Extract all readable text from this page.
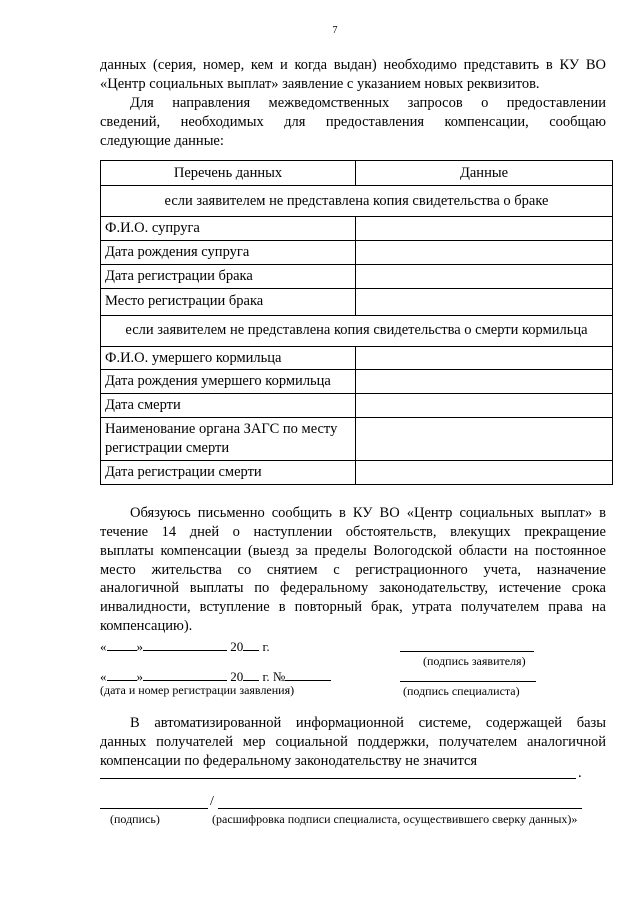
7
данных (серия, номер, кем и когда выдан) необходимо представить в КУ ВО
«Центр социальных выплат» заявление с указанием новых реквизитов.
Для направления межведомственных запросов о предоставлении
сведений, необходимых для предоставления компенсации, сообщаю
следующие данные:
Перечень данных	Данные
если заявителем не представлена копия свидетельства о браке	
Ф.И.О. супруга	
Дата рождения супруга	
Дата регистрации брака	
Место регистрации брака	
если заявителем не представлена копия свидетельства о смерти кормильца	
Ф.И.О. умершего кормильца	
Дата рождения умершего кормильца	
Дата смерти	
Наименование органа ЗАГС по месту регистрации смерти	
Дата регистрации смерти	
Обязуюсь письменно сообщить в КУ ВО «Центр социальных выплат» в
течение 14 дней о наступлении обстоятельств, влекущих прекращение
выплаты компенсации (выезд за пределы Вологодской области на постоянное
место жительства со снятием с регистрационного учета, назначение
аналогичной выплаты по федеральному законодательству, истечение срока
инвалидности, вступление в повторный брак, утрата получателем права на
компенсацию).
« »	20 г.
(подпись заявителя)
« »	20 г. №
(дата и номер регистрации заявления)	(подпись специалиста)
В автоматизированной информационной системе, содержащей базы
данных получателей мер социальной поддержки, получателем аналогичной
компенсации по федеральному законодательству не значится
.
/
(подпись)	(расшифровка подписи специалиста, осуществившего сверку данных)»
